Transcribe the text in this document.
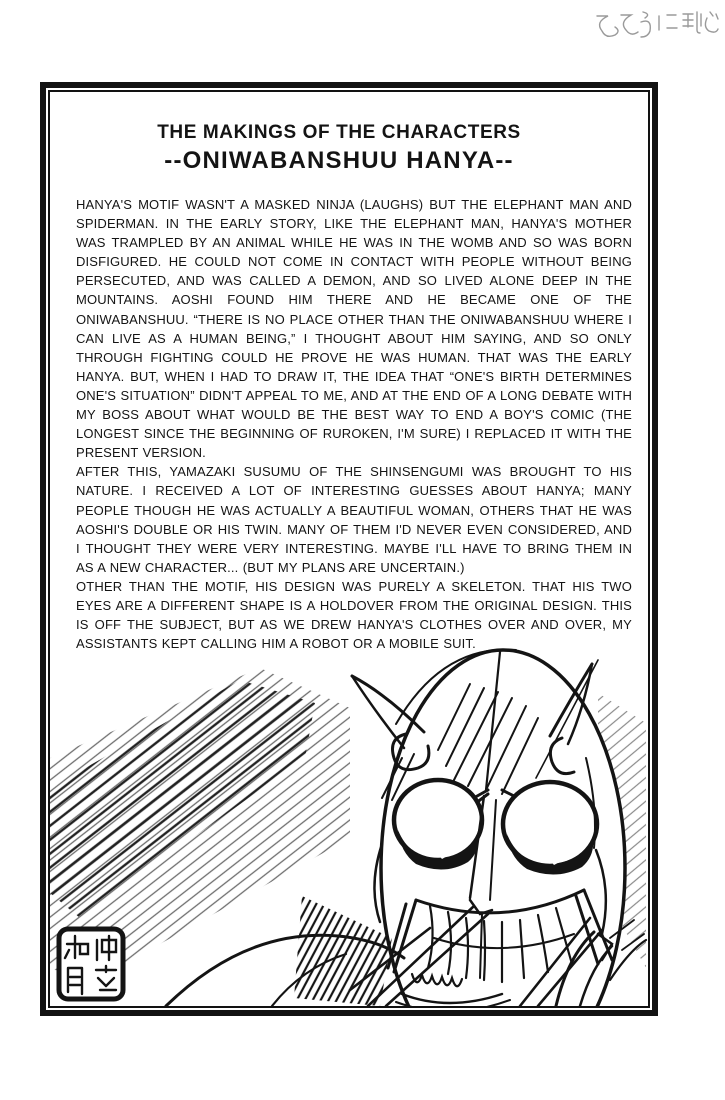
THE MAKINGS OF THE CHARACTERS

--ONIWABANSHUU HANYA--

HANYA'S MOTIF WASN'T A MASKED NINJA (LAUGHS) BUT THE ELEPHANT MAN AND SPIDERMAN. IN THE EARLY STORY, LIKE THE ELEPHANT MAN, HANYA'S MOTHER WAS TRAMPLED BY AN ANIMAL WHILE HE WAS IN THE WOMB AND SO WAS BORN DISFIGURED. HE COULD NOT COME IN CONTACT WITH PEOPLE WITHOUT BEING PERSECUTED, AND WAS CALLED A DEMON, AND SO LIVED ALONE DEEP IN THE MOUNTAINS. AOSHI FOUND HIM THERE AND HE BECAME ONE OF THE ONIWABANSHUU. “THERE IS NO PLACE OTHER THAN THE ONIWABANSHUU WHERE I CAN LIVE AS A HUMAN BEING,” I THOUGHT ABOUT HIM SAYING, AND SO ONLY THROUGH FIGHTING COULD HE PROVE HE WAS HUMAN. THAT WAS THE EARLY HANYA. BUT, WHEN I HAD TO DRAW IT, THE IDEA THAT “ONE'S BIRTH DETERMINES ONE'S SITUATION” DIDN'T APPEAL TO ME, AND AT THE END OF A LONG DEBATE WITH MY BOSS ABOUT WHAT WOULD BE THE BEST WAY TO END A BOY'S COMIC (THE LONGEST SINCE THE BEGINNING OF RUROKEN, I'M SURE) I REPLACED IT WITH THE PRESENT VERSION.

AFTER THIS, YAMAZAKI SUSUMU OF THE SHINSENGUMI WAS BROUGHT TO HIS NATURE. I RECEIVED A LOT OF INTERESTING GUESSES ABOUT HANYA; MANY PEOPLE THOUGH HE WAS ACTUALLY A BEAUTIFUL WOMAN, OTHERS THAT HE WAS AOSHI'S DOUBLE OR HIS TWIN. MANY OF THEM I'D NEVER EVEN CONSIDERED, AND I THOUGHT THEY WERE VERY INTERESTING. MAYBE I'LL HAVE TO BRING THEM IN AS A NEW CHARACTER... (BUT MY PLANS ARE UNCERTAIN.)

OTHER THAN THE MOTIF, HIS DESIGN WAS PURELY A SKELETON. THAT HIS TWO EYES ARE A DIFFERENT SHAPE IS A HOLDOVER FROM THE ORIGINAL DESIGN. THIS IS OFF THE SUBJECT, BUT AS WE DREW HANYA'S CLOTHES OVER AND OVER, MY ASSISTANTS KEPT CALLING HIM A ROBOT OR A MOBILE SUIT.
